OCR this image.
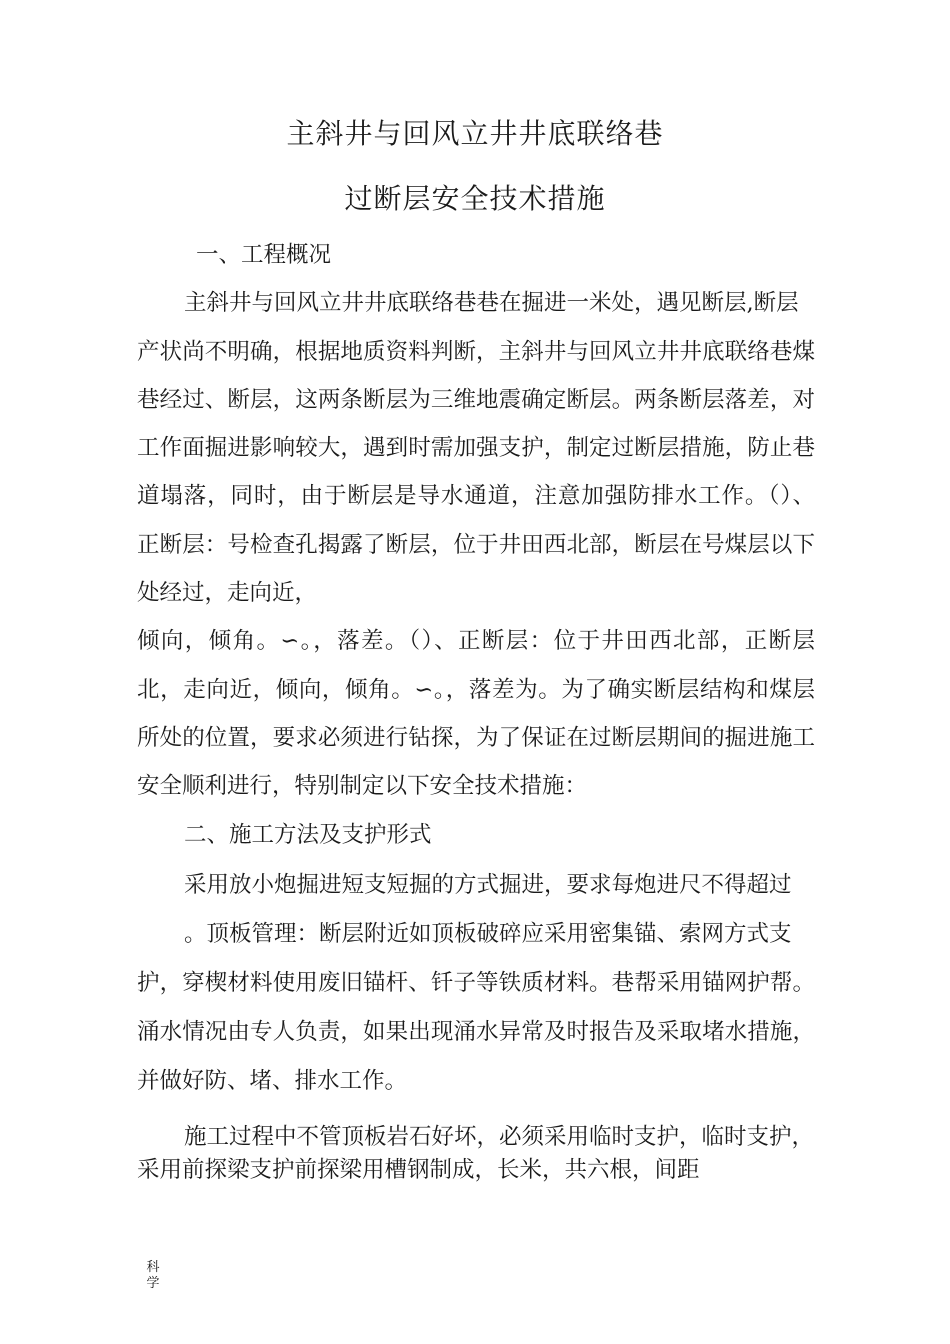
主斜井与回风立井井底联络巷
过断层安全技术措施
一、工程概况
主斜井与回风立井井底联络巷巷在掘进一米处，遇见断层,断层
产状尚不明确，根据地质资料判断，主斜井与回风立井井底联络巷煤
巷经过、断层，这两条断层为三维地震确定断层。两条断层落差，对
工作面掘进影响较大，遇到时需加强支护，制定过断层措施，防止巷
道塌落，同时，由于断层是导水通道，注意加强防排水工作。（）、
正断层：号检查孔揭露了断层，位于井田西北部，断层在号煤层以下
处经过，走向近，
倾向，倾角。∽。，落差。（）、正断层：位于井田西北部，正断层
北，走向近，倾向，倾角。∽。，落差为。为了确实断层结构和煤层
所处的位置，要求必须进行钻探，为了保证在过断层期间的掘进施工
安全顺利进行，特别制定以下安全技术措施：
二、施工方法及支护形式
采用放小炮掘进短支短掘的方式掘进，要求每炮进尺不得超过
。顶板管理：断层附近如顶板破碎应采用密集锚、索网方式支
护，穿楔材料使用废旧锚杆、钎子等铁质材料。巷帮采用锚网护帮。
涌水情况由专人负责，如果出现涌水异常及时报告及采取堵水措施，
并做好防、堵、排水工作。
施工过程中不管顶板岩石好坏，必须采用临时支护，临时支护，
采用前探梁支护前探梁用槽钢制成，长米，共六根，间距
科
学
